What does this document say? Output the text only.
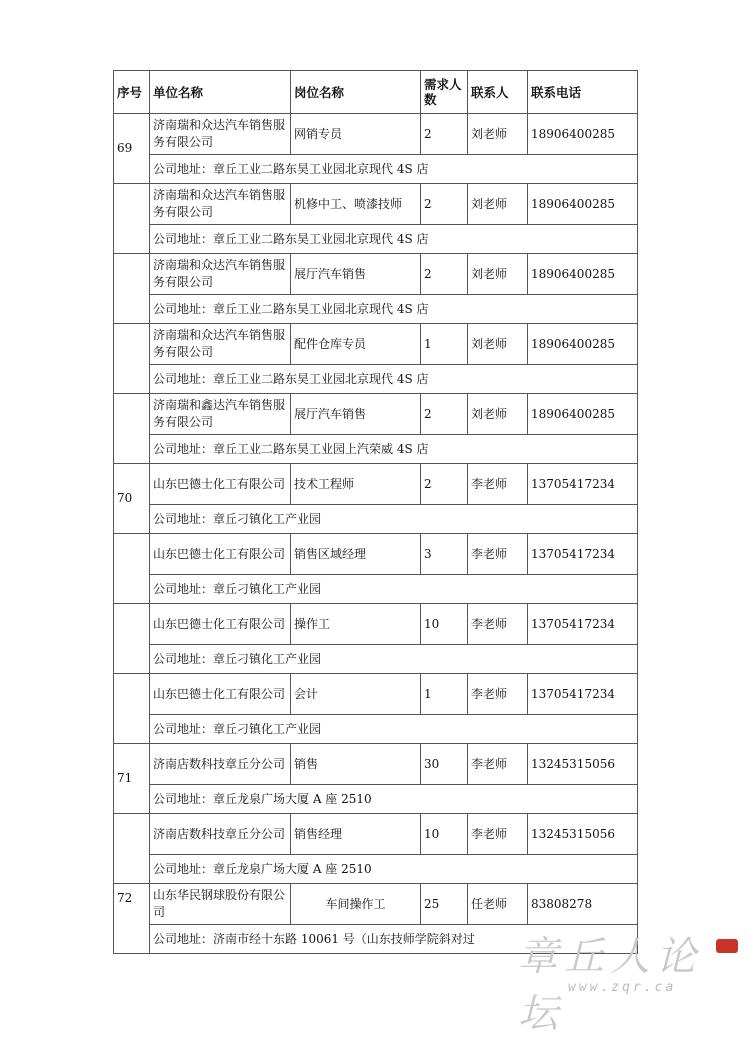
序号	单位名称	岗位名称	需求人数	联系人	联系电话
69	济南瑞和众达汽车销售服务有限公司	网销专员	2	刘老师	18906400285
	公司地址：章丘工业二路东昊工业园北京现代 4S 店				
	济南瑞和众达汽车销售服务有限公司	机修中工、喷漆技师	2	刘老师	18906400285
	公司地址：章丘工业二路东昊工业园北京现代 4S 店				
	济南瑞和众达汽车销售服务有限公司	展厅汽车销售	2	刘老师	18906400285
	公司地址：章丘工业二路东昊工业园北京现代 4S 店				
	济南瑞和众达汽车销售服务有限公司	配件仓库专员	1	刘老师	18906400285
	公司地址：章丘工业二路东昊工业园北京现代 4S 店				
	济南瑞和鑫达汽车销售服务有限公司	展厅汽车销售	2	刘老师	18906400285
	公司地址：章丘工业二路东昊工业园上汽荣威 4S 店				
70	山东巴德士化工有限公司	技术工程师	2	李老师	13705417234
	公司地址：章丘刁镇化工产业园				
	山东巴德士化工有限公司	销售区域经理	3	李老师	13705417234
	公司地址：章丘刁镇化工产业园				
	山东巴德士化工有限公司	操作工	10	李老师	13705417234
	公司地址：章丘刁镇化工产业园				
	山东巴德士化工有限公司	会计	1	李老师	13705417234
	公司地址：章丘刁镇化工产业园				
71	济南店数科技章丘分公司	销售	30	李老师	13245315056
	公司地址：章丘龙泉广场大厦 A 座 2510				
	济南店数科技章丘分公司	销售经理	10	李老师	13245315056
	公司地址：章丘龙泉广场大厦 A 座 2510				
72	山东华民钢球股份有限公司	车间操作工	25	任老师	83808278
	公司地址：济南市经十东路 10061 号（山东技师学院斜对过				章丘人论坛
www.zqr.ca
